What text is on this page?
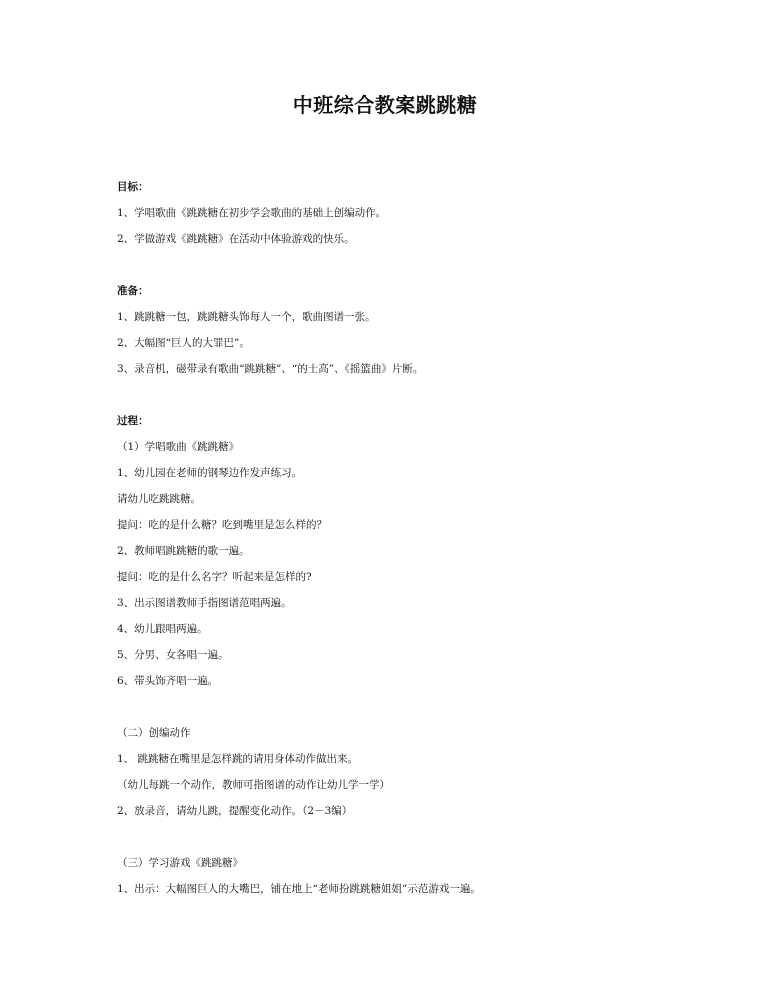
中班综合教案跳跳糖
目标：
1、学唱歌曲《跳跳糖在初步学会歌曲的基础上创编动作。
2、学做游戏《跳跳糖》在活动中体验游戏的快乐。
准备：
1、跳跳糖一包，跳跳糖头饰每人一个，歌曲图谱一张。
2、大幅图“巨人的大罪巴”。
3、录音机，磁带录有歌曲“跳跳糖”、“的士高”、《摇篮曲》片断。
过程：
（1）学唱歌曲《跳跳糖》
1、幼儿园在老师的钢琴边作发声练习。
请幼儿吃跳跳糖。
提问：吃的是什么糖？吃到嘴里是怎么样的？
2、教师唱跳跳糖的歌一遍。
提问：吃的是什么名字？听起来是怎样的?
3、出示图谱教师手指图谱范唱两遍。
4、幼儿跟唱两遍。
5、分男、女各唱一遍。
6、带头饰齐唱一遍。
（二）创编动作
1、 跳跳糖在嘴里是怎样跳的请用身体动作做出来。
（幼儿每跳一个动作，教师可指图谱的动作让幼儿学一学）
2、放录音，请幼儿跳，提醒变化动作。（2－3编）
（三）学习游戏《跳跳糖》
1、出示：大幅图巨人的大嘴巴，铺在地上“老师扮跳跳糖姐姐”示范游戏一遍。
